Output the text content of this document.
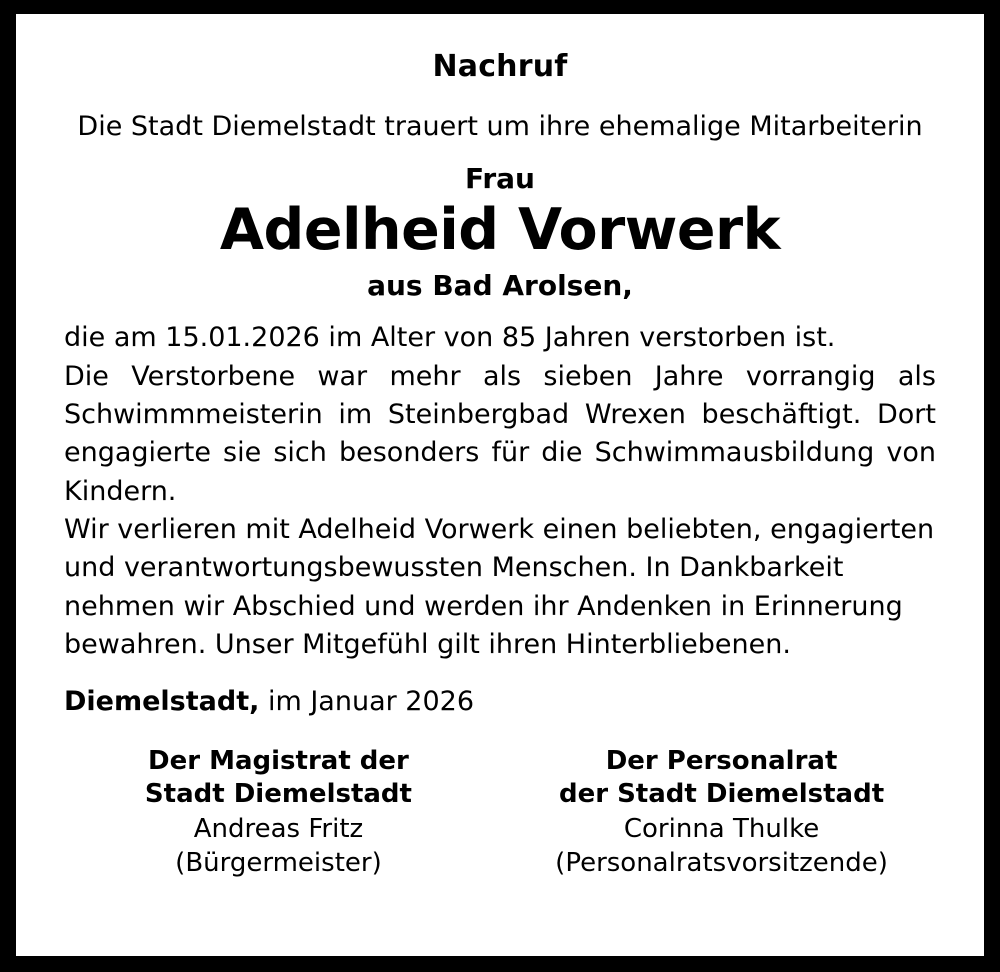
Nachruf
Die Stadt Diemelstadt trauert um ihre ehemalige Mitarbeiterin
Frau
Adelheid Vorwerk
aus Bad Arolsen,

die am 15.01.2026 im Alter von 85 Jahren verstorben ist.

Die Verstorbene war mehr als sieben Jahre vorrangig als Schwimmmeisterin im Steinbergbad Wrexen beschäftigt. Dort engagierte sie sich besonders für die Schwimmausbildung von Kindern.

Wir verlieren mit Adelheid Vorwerk einen beliebten, engagierten und verantwortungsbewussten Menschen. In Dankbarkeit nehmen wir Abschied und werden ihr Andenken in Erinnerung bewahren. Unser Mitgefühl gilt ihren Hinterbliebenen.

Diemelstadt, im Januar 2026
Der Magistrat der
Stadt Diemelstadt
Andreas Fritz
(Bürgermeister)
Der Personalrat
der Stadt Diemelstadt
Corinna Thulke
(Personalratsvorsitzende)
